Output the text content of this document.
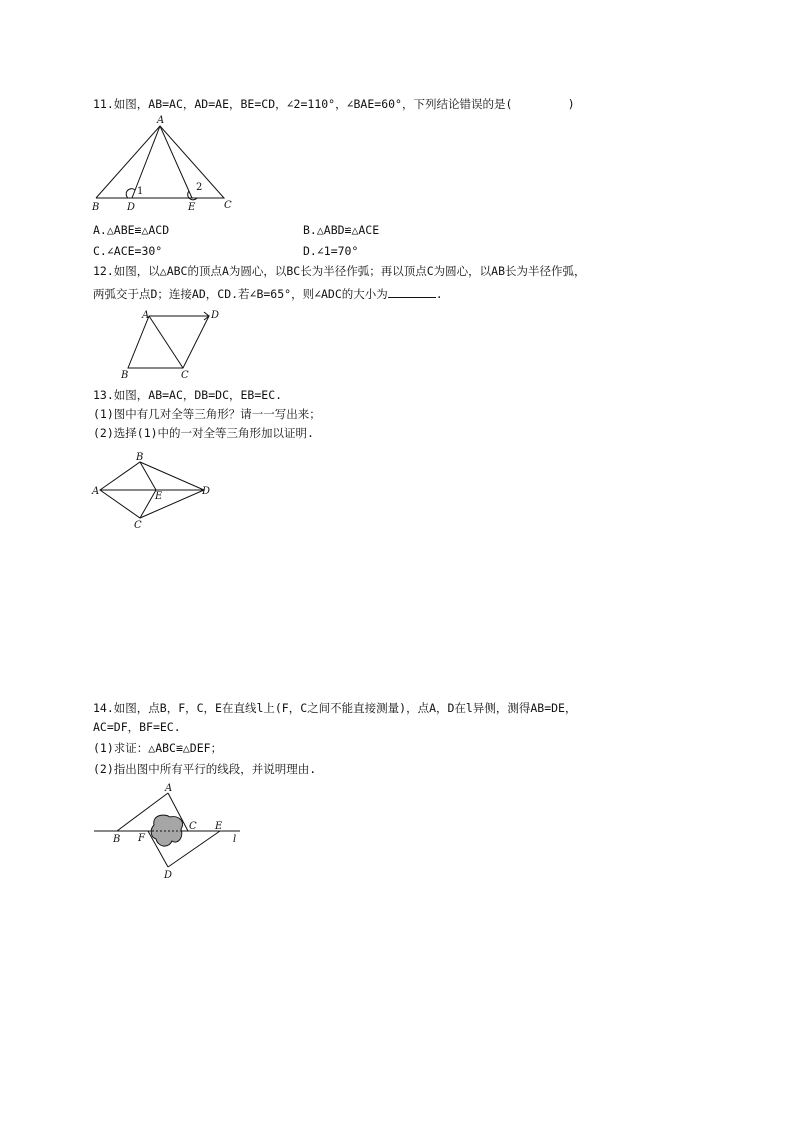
11.如图，AB=AC，AD=AE，BE=CD，∠2=110°，∠BAE=60°，下列结论错误的是(        )
A
B	D	E	C
1	2
A.△ABE≌△ACD	B.△ABD≌△ACE
C.∠ACE=30°	D.∠1=70°
12.如图，以△ABC的顶点A为圆心，以BC长为半径作弧；再以顶点C为圆心，以AB长为半径作弧，
两弧交于点D；连接AD，CD.若∠B=65°，则∠ADC的大小为	.
A	D
B	C
13.如图，AB=AC，DB=DC，EB=EC.
(1)图中有几对全等三角形？请一一写出来；
(2)选择(1)中的一对全等三角形加以证明.
A
B
E	D
C
14.如图，点B，F，C，E在直线l上(F，C之间不能直接测量)，点A，D在l异侧，测得AB=DE，
AC=DF，BF=EC.
(1)求证：△ABC≌△DEF；
(2)指出图中所有平行的线段，并说明理由.
A
B F
C E
l
D
